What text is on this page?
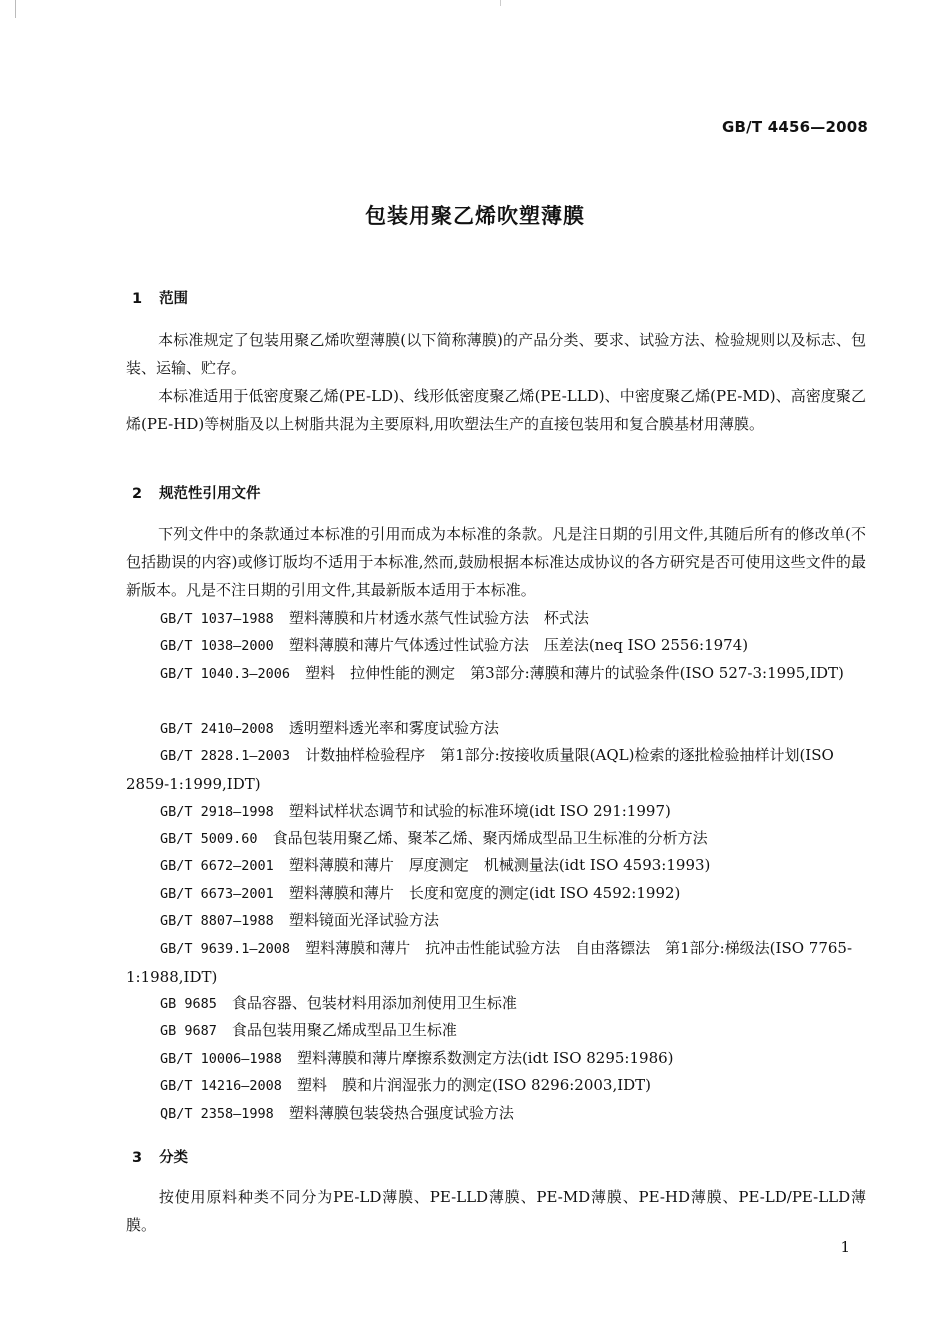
GB/T 4456—2008
包装用聚乙烯吹塑薄膜
1 范围
本标准规定了包装用聚乙烯吹塑薄膜(以下简称薄膜)的产品分类、要求、试验方法、检验规则以及标志、包装、运输、贮存。
本标准适用于低密度聚乙烯(PE-LD)、线形低密度聚乙烯(PE-LLD)、中密度聚乙烯(PE-MD)、高密度聚乙烯(PE-HD)等树脂及以上树脂共混为主要原料,用吹塑法生产的直接包装用和复合膜基材用薄膜。
2 规范性引用文件
下列文件中的条款通过本标准的引用而成为本标准的条款。凡是注日期的引用文件,其随后所有的修改单(不包括勘误的内容)或修订版均不适用于本标准,然而,鼓励根据本标准达成协议的各方研究是否可使用这些文件的最新版本。凡是不注日期的引用文件,其最新版本适用于本标准。
GB/T 1037—1988　 塑料薄膜和片材透水蒸气性试验方法　杯式法
GB/T 1038—2000　 塑料薄膜和薄片气体透过性试验方法　压差法(neq ISO 2556:1974)
GB/T 1040.3—2006　 塑料　拉伸性能的测定　第3部分:薄膜和薄片的试验条件(ISO 527-3:1995,IDT)
GB/T 2410—2008　 透明塑料透光率和雾度试验方法
GB/T 2828.1—2003　 计数抽样检验程序　第1部分:按接收质量限(AQL)检索的逐批检验抽样计划(ISO 2859-1:1999,IDT)
GB/T 2918—1998　 塑料试样状态调节和试验的标准环境(idt ISO 291:1997)
GB/T 5009.60　 食品包装用聚乙烯、聚苯乙烯、聚丙烯成型品卫生标准的分析方法
GB/T 6672—2001　 塑料薄膜和薄片　厚度测定　机械测量法(idt ISO 4593:1993)
GB/T 6673—2001　 塑料薄膜和薄片　长度和宽度的测定(idt ISO 4592:1992)
GB/T 8807—1988　 塑料镜面光泽试验方法
GB/T 9639.1—2008　 塑料薄膜和薄片　抗冲击性能试验方法　自由落镖法　第1部分:梯级法(ISO 7765-1:1988,IDT)
GB 9685　 食品容器、包装材料用添加剂使用卫生标准
GB 9687　 食品包装用聚乙烯成型品卫生标准
GB/T 10006—1988　 塑料薄膜和薄片摩擦系数测定方法(idt ISO 8295:1986)
GB/T 14216—2008　 塑料　膜和片润湿张力的测定(ISO 8296:2003,IDT)
QB/T 2358—1998　 塑料薄膜包装袋热合强度试验方法
3 分类
按使用原料种类不同分为PE-LD薄膜、PE-LLD薄膜、PE-MD薄膜、PE-HD薄膜、PE-LD/PE-LLD薄膜。
1
